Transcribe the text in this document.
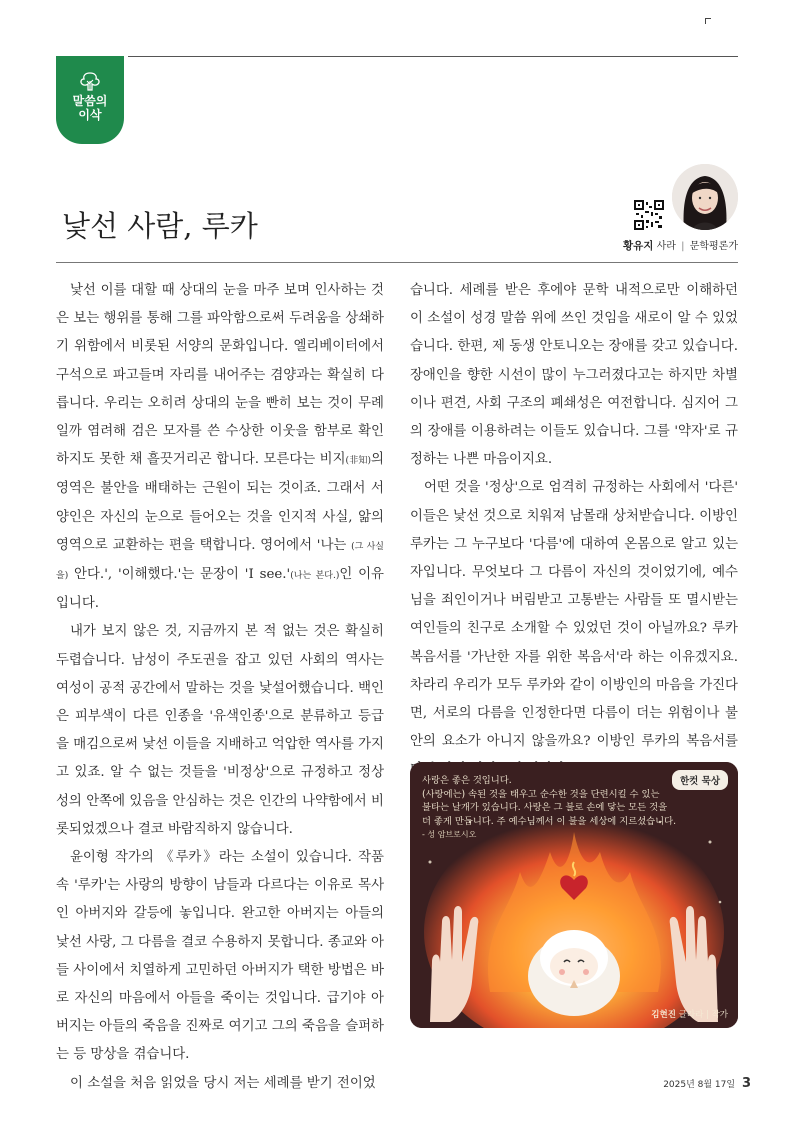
말씀의
이삭
낯선 사람, 루카
황유지 사라 | 문학평론가

낯선 이를 대할 때 상대의 눈을 마주 보며 인사하는 것은 보는 행위를 통해 그를 파악함으로써 두려움을 상쇄하기 위함에서 비롯된 서양의 문화입니다. 엘리베이터에서 구석으로 파고들며 자리를 내어주는 겸양과는 확실히 다릅니다. 우리는 오히려 상대의 눈을 빤히 보는 것이 무례일까 염려해 검은 모자를 쓴 수상한 이웃을 함부로 확인하지도 못한 채 흘끗거리곤 합니다. 모른다는 비지(非知)의 영역은 불안을 배태하는 근원이 되는 것이죠. 그래서 서양인은 자신의 눈으로 들어오는 것을 인지적 사실, 앎의 영역으로 교환하는 편을 택합니다. 영어에서 '나는 (그 사실을) 안다.', '이해했다.'는 문장이 'I see.'(나는 본다.)인 이유입니다.

내가 보지 않은 것, 지금까지 본 적 없는 것은 확실히 두렵습니다. 남성이 주도권을 잡고 있던 사회의 역사는 여성이 공적 공간에서 말하는 것을 낯설어했습니다. 백인은 피부색이 다른 인종을 '유색인종'으로 분류하고 등급을 매김으로써 낯선 이들을 지배하고 억압한 역사를 가지고 있죠. 알 수 없는 것들을 '비정상'으로 규정하고 정상성의 안쪽에 있음을 안심하는 것은 인간의 나약함에서 비롯되었겠으나 결코 바람직하지 않습니다.

윤이형 작가의 《루카》라는 소설이 있습니다. 작품 속 '루카'는 사랑의 방향이 남들과 다르다는 이유로 목사인 아버지와 갈등에 놓입니다. 완고한 아버지는 아들의 낯선 사랑, 그 다름을 결코 수용하지 못합니다. 종교와 아들 사이에서 치열하게 고민하던 아버지가 택한 방법은 바로 자신의 마음에서 아들을 죽이는 것입니다. 급기야 아버지는 아들의 죽음을 진짜로 여기고 그의 죽음을 슬퍼하는 등 망상을 겪습니다.

이 소설을 처음 읽었을 당시 저는 세례를 받기 전이었

습니다. 세례를 받은 후에야 문학 내적으로만 이해하던 이 소설이 성경 말씀 위에 쓰인 것임을 새로이 알 수 있었습니다. 한편, 제 동생 안토니오는 장애를 갖고 있습니다. 장애인을 향한 시선이 많이 누그러졌다고는 하지만 차별이나 편견, 사회 구조의 폐쇄성은 여전합니다. 심지어 그의 장애를 이용하려는 이들도 있습니다. 그를 '약자'로 규정하는 나쁜 마음이지요.

어떤 것을 '정상'으로 엄격히 규정하는 사회에서 '다른' 이들은 낯선 것으로 치워져 남몰래 상처받습니다. 이방인 루카는 그 누구보다 '다름'에 대하여 온몸으로 알고 있는 자입니다. 무엇보다 그 다름이 자신의 것이었기에, 예수님을 죄인이거나 버림받고 고통받는 사람들 또 멸시받는 여인들의 친구로 소개할 수 있었던 것이 아닐까요? 루카 복음서를 '가난한 자를 위한 복음서'라 하는 이유겠지요. 차라리 우리가 모두 루카와 같이 이방인의 마음을 가진다면, 서로의 다름을 인정한다면 다름이 더는 위험이나 불안의 요소가 아니지 않을까요? 이방인 루카의 복음서를

한컷 묵상
사랑은 좋은 것입니다.
(사랑에는) 속된 것을 태우고 순수한 것을 단련시킬 수 있는
불타는 날개가 있습니다. 사랑은 그 불로 손에 닿는 모든 것을
더 좋게 만듭니다. 주 예수님께서 이 불을 세상에 지르셨습니다.
- 성 암브로시오
김현진 글라라 | 작가
2025년 8월 17일 3
